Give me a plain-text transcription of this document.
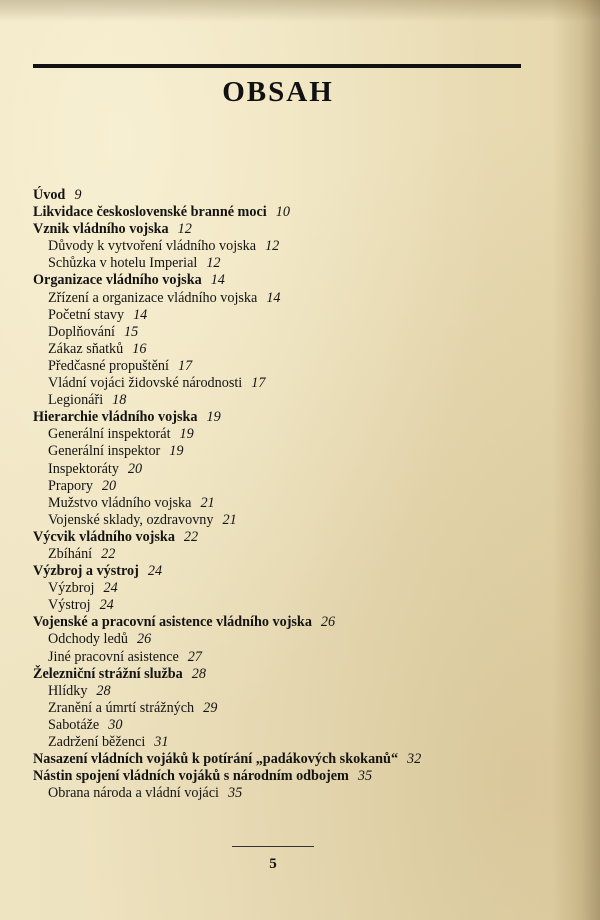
OBSAH
Úvod 9
Likvidace československé branné moci 10
Vznik vládního vojska 12
Důvody k vytvoření vládního vojska 12
Schůzka v hotelu Imperial 12
Organizace vládního vojska 14
Zřízení a organizace vládního vojska 14
Početní stavy 14
Doplňování 15
Zákaz sňatků 16
Předčasné propuštění 17
Vládní vojáci židovské národnosti 17
Legionáři 18
Hierarchie vládního vojska 19
Generální inspektorát 19
Generální inspektor 19
Inspektoráty 20
Prapory 20
Mužstvo vládního vojska 21
Vojenské sklady, ozdravovny 21
Výcvik vládního vojska 22
Zbíhání 22
Výzbroj a výstroj 24
Výzbroj 24
Výstroj 24
Vojenské a pracovní asistence vládního vojska 26
Odchody ledů 26
Jiné pracovní asistence 27
Železniční strážní služba 28
Hlídky 28
Zranění a úmrtí strážných 29
Sabotáže 30
Zadržení běženci 31
Nasazení vládních vojáků k potírání „padákových skokanů“ 32
Nástin spojení vládních vojáků s národním odbojem 35
Obrana národa a vládní vojáci 35
5
